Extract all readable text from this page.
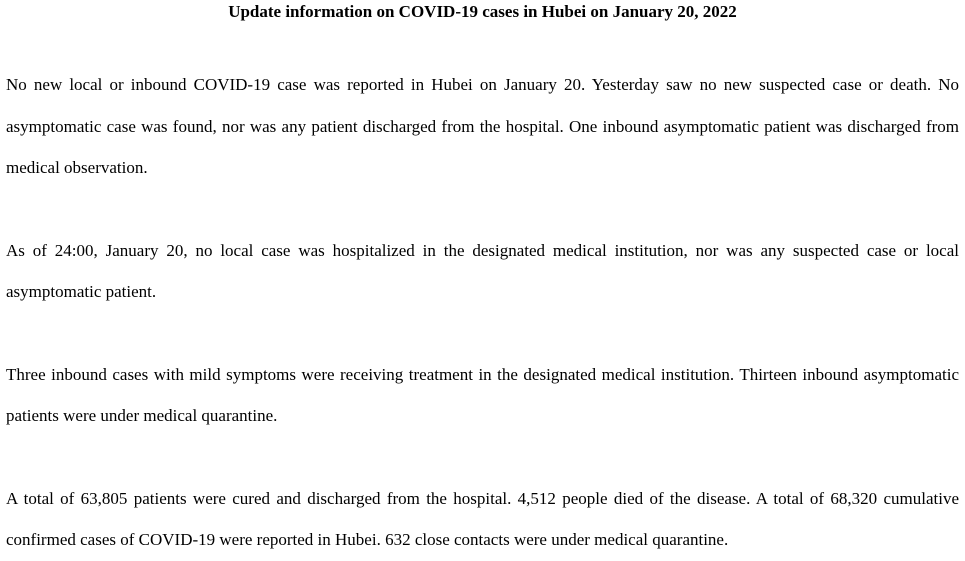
Update information on COVID-19 cases in Hubei on January 20, 2022

No new local or inbound COVID-19 case was reported in Hubei on January 20. Yesterday saw no new suspected case or death. No asymptomatic case was found, nor was any patient discharged from the hospital. One inbound asymptomatic patient was discharged from medical observation.

As of 24:00, January 20, no local case was hospitalized in the designated medical institution, nor was any suspected case or local asymptomatic patient.

Three inbound cases with mild symptoms were receiving treatment in the designated medical institution. Thirteen inbound asymptomatic patients were under medical quarantine.

A total of 63,805 patients were cured and discharged from the hospital. 4,512 people died of the disease. A total of 68,320 cumulative confirmed cases of COVID-19 were reported in Hubei. 632 close contacts were under medical quarantine.
